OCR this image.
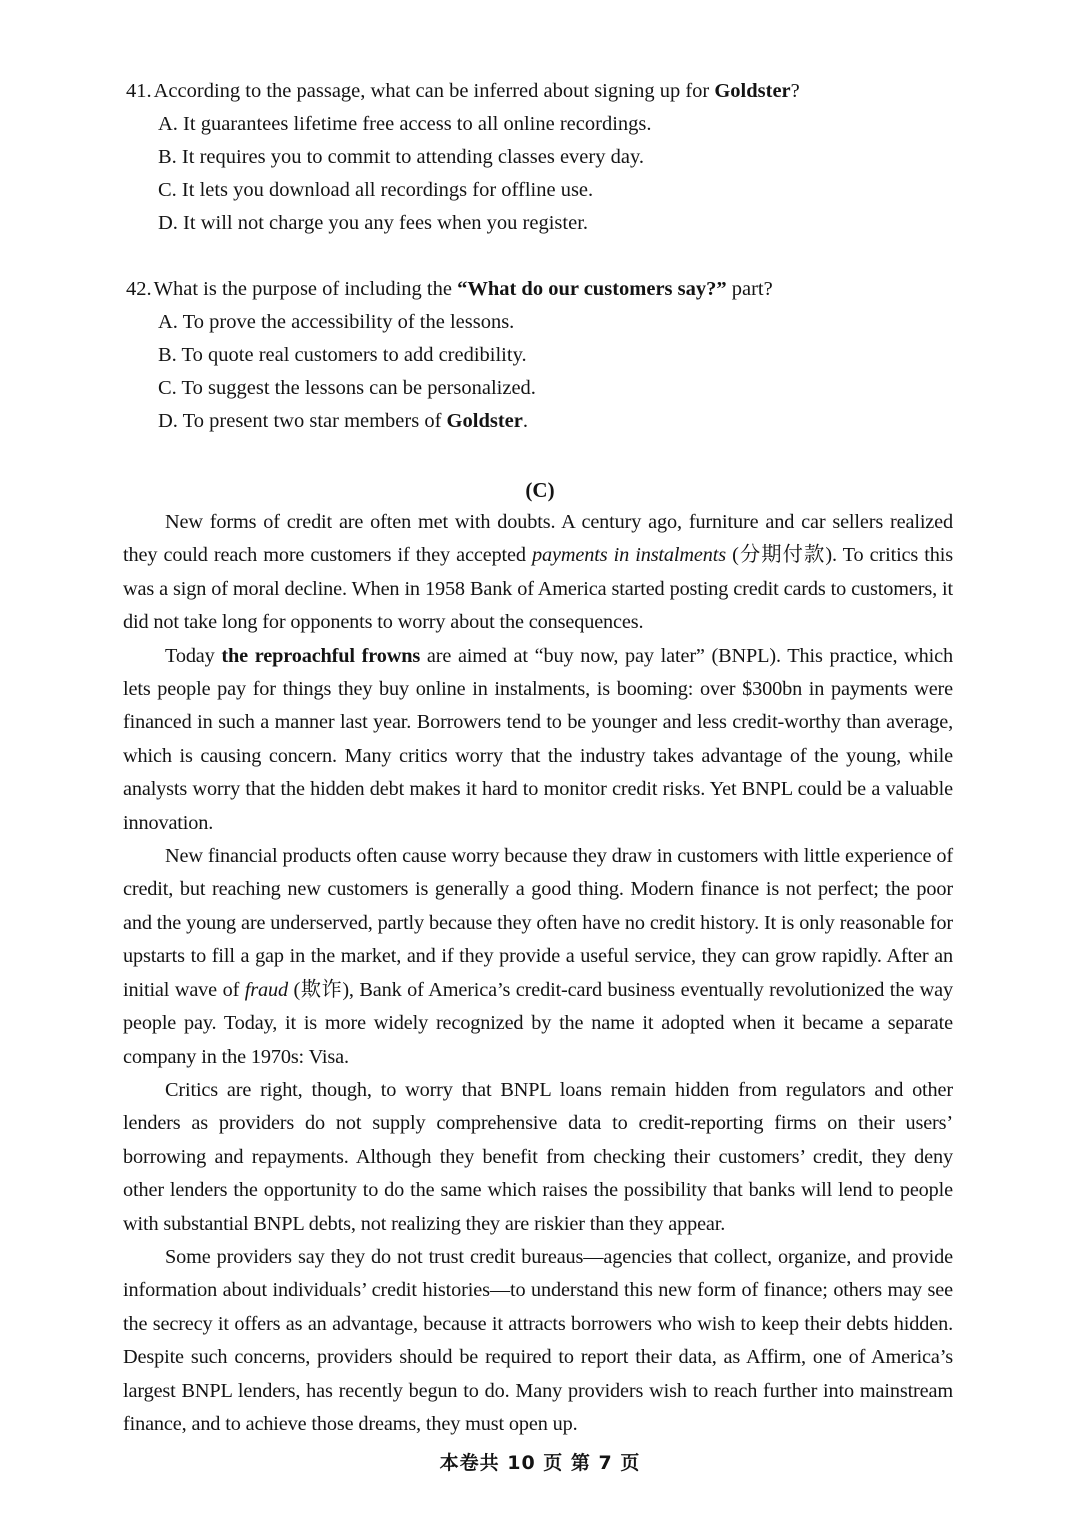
41.According to the passage, what can be inferred about signing up for Goldster?

A. It guarantees lifetime free access to all online recordings.
B. It requires you to commit to attending classes every day.
C. It lets you download all recordings for offline use.
D. It will not charge you any fees when you register.

42.What is the purpose of including the “What do our customers say?” part?

A. To prove the accessibility of the lessons.
B. To quote real customers to add credibility.
C. To suggest the lessons can be personalized.
D. To present two star members of Goldster.
(C)

New forms of credit are often met with doubts. A century ago, furniture and car sellers realized they could reach more customers if they accepted payments in instalments (分期付款). To critics this was a sign of moral decline. When in 1958 Bank of America started posting credit cards to customers, it did not take long for opponents to worry about the consequences.

Today the reproachful frowns are aimed at “buy now, pay later” (BNPL). This practice, which lets people pay for things they buy online in instalments, is booming: over $300bn in payments were financed in such a manner last year. Borrowers tend to be younger and less credit-worthy than average, which is causing concern. Many critics worry that the industry takes advantage of the young, while analysts worry that the hidden debt makes it hard to monitor credit risks. Yet BNPL could be a valuable innovation.

New financial products often cause worry because they draw in customers with little experience of credit, but reaching new customers is generally a good thing. Modern finance is not perfect; the poor and the young are underserved, partly because they often have no credit history. It is only reasonable for upstarts to fill a gap in the market, and if they provide a useful service, they can grow rapidly. After an initial wave of fraud (欺诈), Bank of America’s credit-card business eventually revolutionized the way people pay. Today, it is more widely recognized by the name it adopted when it became a separate company in the 1970s: Visa.

Critics are right, though, to worry that BNPL loans remain hidden from regulators and other lenders as providers do not supply comprehensive data to credit-reporting firms on their users’ borrowing and repayments. Although they benefit from checking their customers’ credit, they deny other lenders the opportunity to do the same which raises the possibility that banks will lend to people with substantial BNPL debts, not realizing they are riskier than they appear.

Some providers say they do not trust credit bureaus—agencies that collect, organize, and provide information about individuals’ credit histories—to understand this new form of finance; others may see the secrecy it offers as an advantage, because it attracts borrowers who wish to keep their debts hidden. Despite such concerns, providers should be required to report their data, as Affirm, one of America’s largest BNPL lenders, has recently begun to do. Many providers wish to reach further into mainstream finance, and to achieve those dreams, they must open up.

本卷共 10 页 第 7 页
